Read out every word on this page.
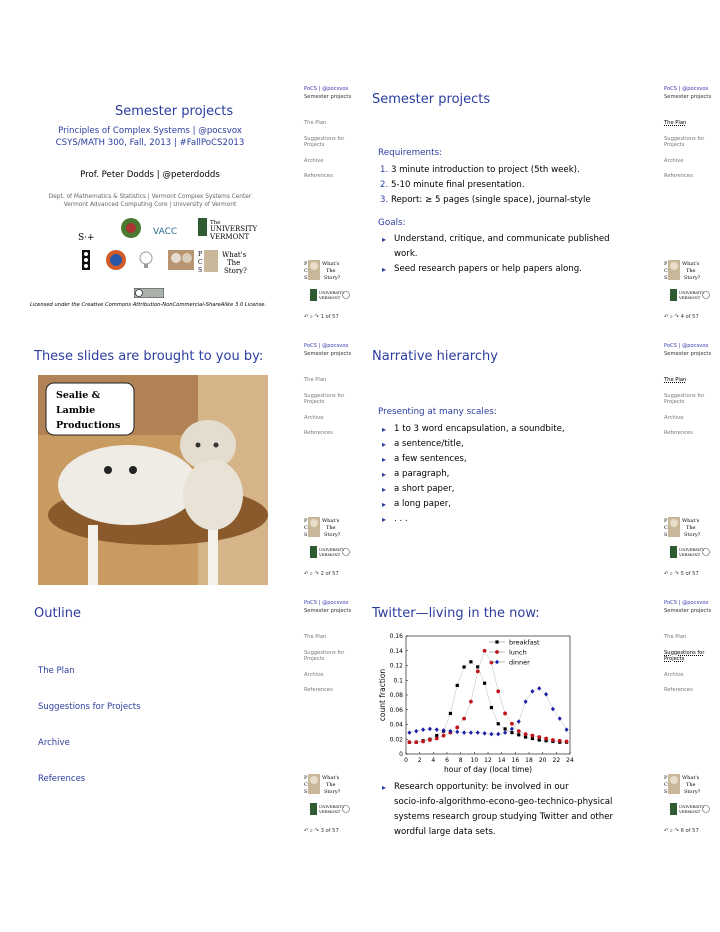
Semester projects
Principles of Complex Systems | @pocsvox
CSYS/MATH 300, Fall, 2013 | #FallPoCS2013
Prof. Peter Dodds | @peterdodds
Dept. of Mathematics & Statistics | Vermont Complex Systems Center
Vermont Advanced Computing Core | University of Vermont
S·+
VACC
The
UNIVERSITY
VERMONT
P
C
S
What's
The
Story?
Licensed under the Creative Commons Attribution-NonCommercial-ShareAlike 3.0 License.
PoCS | @pocsvox
Semester projects
The Plan
Suggestions for Projects
Archive
References
P
C
S
What's
The
Story?
UNIVERSITY
VERMONT
↶ ⌕ ↷ 1 of 57
Semester projects
Requirements:
1. 3 minute introduction to project (5th week).
2. 5-10 minute final presentation.
3. Report: ≥ 5 pages (single space), journal-style
Goals:
▸ Understand, critique, and communicate published
work.
▸ Seed research papers or help papers along.
PoCS | @pocsvox
Semester projects
The Plan
Suggestions for Projects
Archive
References
P
C
S
What's
The
Story?
UNIVERSITY
VERMONT
↶ ⌕ ↷ 4 of 57
These slides are brought to you by:
Sealie &
Lambie
Productions
PoCS | @pocsvox
Semester projects
The Plan
Suggestions for Projects
Archive
References
P
C
S
What's
The
Story?
UNIVERSITY
VERMONT
↶ ⌕ ↷ 2 of 57
Narrative hierarchy
Presenting at many scales:
▸ 1 to 3 word encapsulation, a soundbite,
▸ a sentence/title,
▸ a few sentences,
▸ a paragraph,
▸ a short paper,
▸ a long paper,
▸ . . .
PoCS | @pocsvox
Semester projects
The Plan
Suggestions for Projects
Archive
References
P
C
S
What's
The
Story?
UNIVERSITY
VERMONT
↶ ⌕ ↷ 5 of 57
Outline
The Plan
Suggestions for Projects
Archive
References
PoCS | @pocsvox
Semester projects
The Plan
Suggestions for Projects
Archive
References
P
C
S
What's
The
Story?
UNIVERSITY
VERMONT
↶ ⌕ ↷ 3 of 57
Twitter—living in the now:
0 2 4 6 8 10 12 14 16 18 20 22 24
0
0.02
0.04
0.06
0.08
0.1
0.12
0.14
0.16
hour of day (local time)
count fraction
breakfast
lunch
dinner
▸ Research opportunity: be involved in our
socio-info-algorithmo-econo-geo-technico-physical
systems research group studying Twitter and other
wordful large data sets.
PoCS | @pocsvox
Semester projects
The Plan
Suggestions for Projects
Archive
References
P
C
S
What's
The
Story?
UNIVERSITY
VERMONT
↶ ⌕ ↷ 6 of 57
